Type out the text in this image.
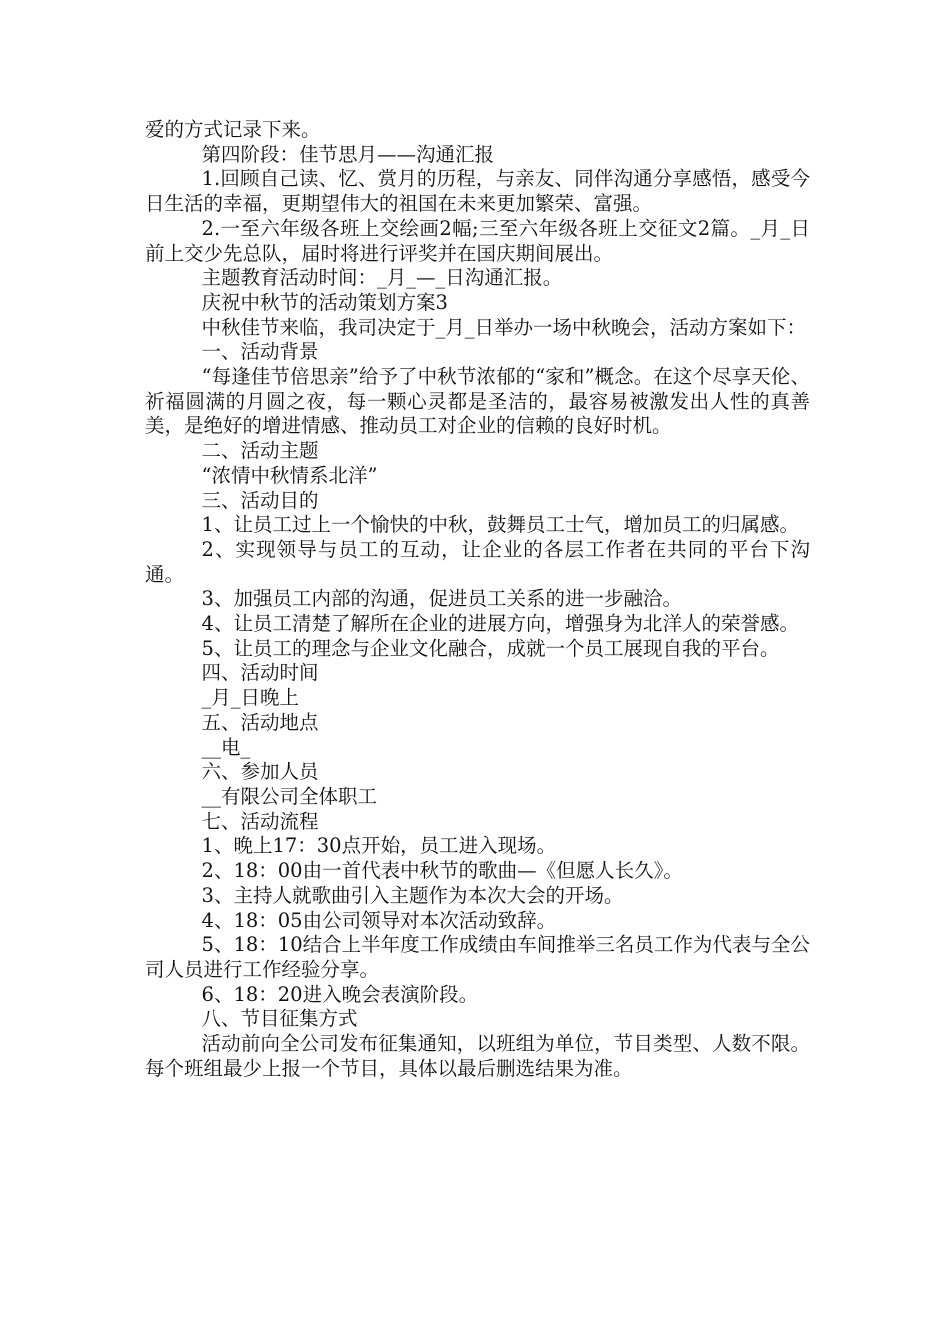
爱的方式记录下来。

第四阶段：佳节思月——沟通汇报

1.回顾自己读、忆、赏月的历程，与亲友、同伴沟通分享感悟，感受今日生活的幸福，更期望伟大的祖国在未来更加繁荣、富强。

2.一至六年级各班上交绘画2幅;三至六年级各班上交征文2篇。_月_日前上交少先总队，届时将进行评奖并在国庆期间展出。

主题教育活动时间：_月_—_日沟通汇报。

庆祝中秋节的活动策划方案3

中秋佳节来临，我司决定于_月_日举办一场中秋晚会，活动方案如下：

一、活动背景

“每逢佳节倍思亲”给予了中秋节浓郁的“家和”概念。在这个尽享天伦、祈福圆满的月圆之夜，每一颗心灵都是圣洁的，最容易被激发出人性的真善美，是绝好的增进情感、推动员工对企业的信赖的良好时机。

二、活动主题

“浓情中秋情系北洋”

三、活动目的

1、让员工过上一个愉快的中秋，鼓舞员工士气，增加员工的归属感。

2、实现领导与员工的互动，让企业的各层工作者在共同的平台下沟通。

3、加强员工内部的沟通，促进员工关系的进一步融洽。

4、让员工清楚了解所在企业的进展方向，增强身为北洋人的荣誉感。

5、让员工的理念与企业文化融合，成就一个员工展现自我的平台。

四、活动时间

_月_日晚上

五、活动地点

__电_

六、参加人员

__有限公司全体职工

七、活动流程

1、晚上17：30点开始，员工进入现场。

2、18：00由一首代表中秋节的歌曲—《但愿人长久》。

3、主持人就歌曲引入主题作为本次大会的开场。

4、18：05由公司领导对本次活动致辞。

5、18：10结合上半年度工作成绩由车间推举三名员工作为代表与全公司人员进行工作经验分享。

6、18：20进入晚会表演阶段。

八、节目征集方式

活动前向全公司发布征集通知，以班组为单位，节目类型、人数不限。每个班组最少上报一个节目，具体以最后删选结果为准。
